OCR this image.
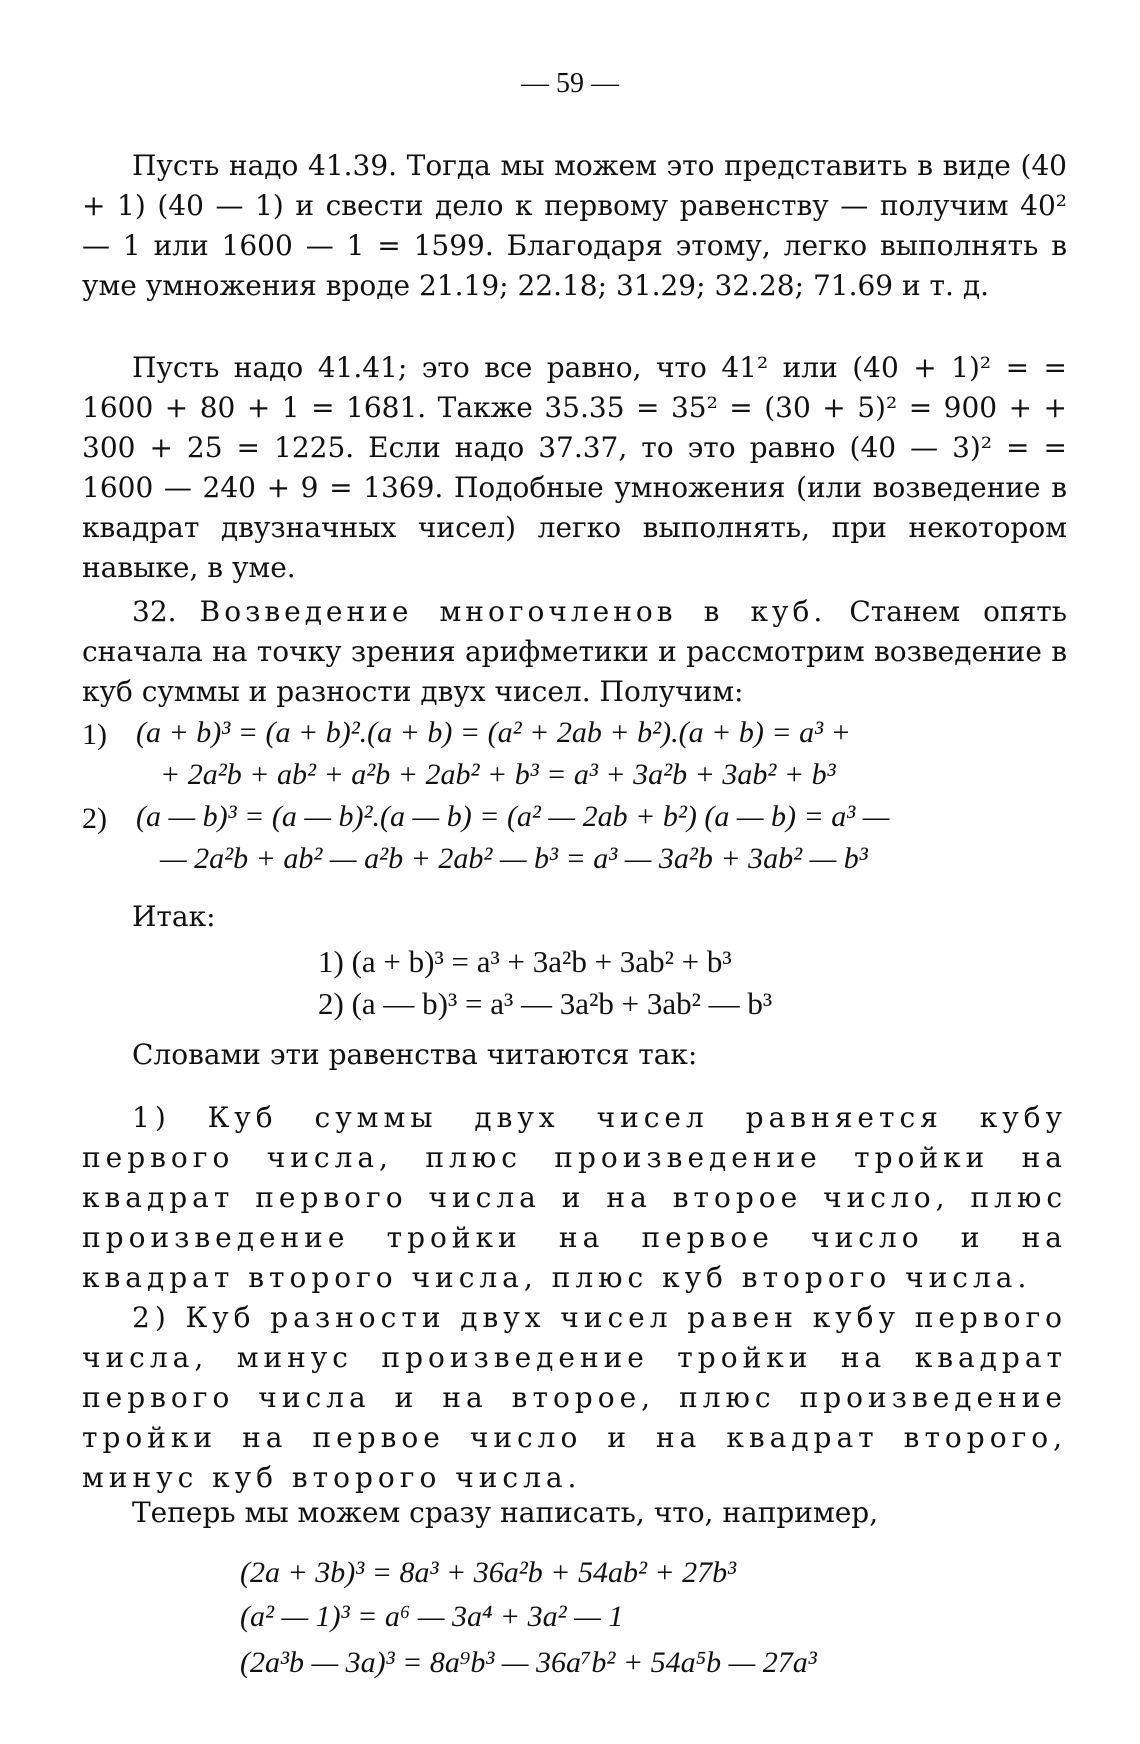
— 59 —
Пусть надо 41.39. Тогда мы можем это представить в виде (40 + 1) (40 — 1) и свести дело к первому равенству — получим 40² — 1 или 1600 — 1 = 1599. Благодаря этому, легко выполнять в уме умножения вроде 21.19; 22.18; 31.29; 32.28; 71.69 и т. д.
Пусть надо 41.41; это все равно, что 41² или (40 + 1)² = = 1600 + 80 + 1 = 1681. Также 35.35 = 35² = (30 + 5)² = 900 + + 300 + 25 = 1225. Если надо 37.37, то это равно (40 — 3)² = = 1600 — 240 + 9 = 1369. Подобные умножения (или возведение в квадрат двузначных чисел) легко выполнять, при некотором навыке, в уме.
32. Возведение многочленов в куб. Станем опять сначала на точку зрения арифметики и рассмотрим возведение в куб суммы и разности двух чисел. Получим:
1) (a + b)³ = (a + b)².(a + b) = (a² + 2ab + b²).(a + b) = a³ +
+ 2a²b + ab² + a²b + 2ab² + b³ = a³ + 3a²b + 3ab² + b³
2) (a — b)³ = (a — b)².(a — b) = (a² — 2ab + b²) (a — b) = a³ —
— 2a²b + ab² — a²b + 2ab² — b³ = a³ — 3a²b + 3ab² — b³
Итак:
1) (a + b)³ = a³ + 3a²b + 3ab² + b³
2) (a — b)³ = a³ — 3a²b + 3ab² — b³
Словами эти равенства читаются так:
1) Куб суммы двух чисел равняется кубу первого числа, плюс произведение тройки на квадрат первого числа и на второе число, плюс произведение тройки на первое число и на квадрат второго числа, плюс куб второго числа.
2) Куб разности двух чисел равен кубу первого числа, минус произведение тройки на квадрат первого числа и на второе, плюс произведение тройки на первое число и на квадрат второго, минус куб второго числа.
Теперь мы можем сразу написать, что, например,
(2a + 3b)³ = 8a³ + 36a²b + 54ab² + 27b³
(a² — 1)³ = a⁶ — 3a⁴ + 3a² — 1
(2a³b — 3a)³ = 8a⁹b³ — 36a⁷b² + 54a⁵b — 27a³
